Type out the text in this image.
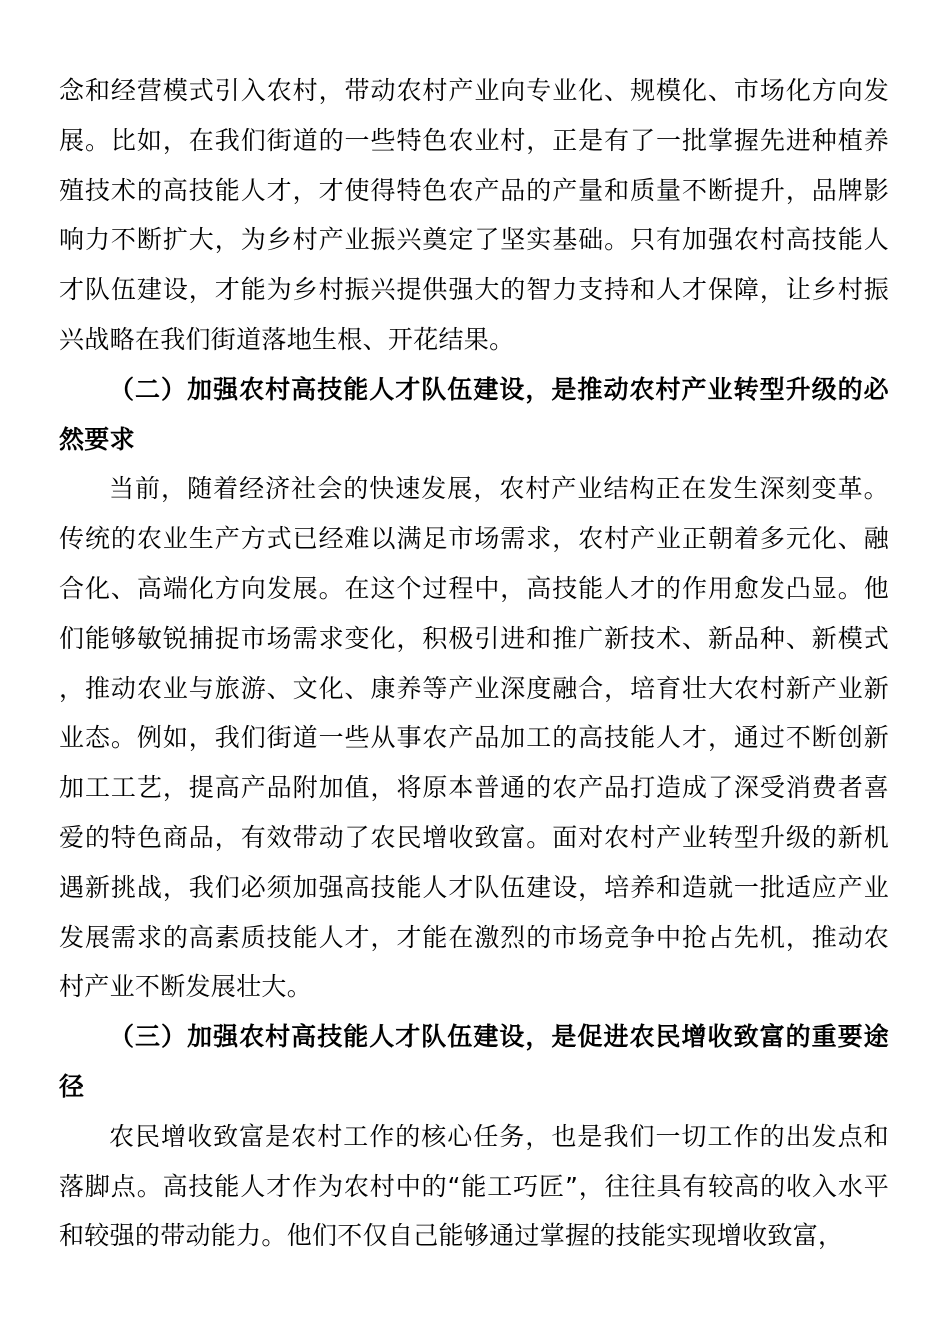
念和经营模式引入农村，带动农村产业向专业化、规模化、市场化方向发展。比如，在我们街道的一些特色农业村，正是有了一批掌握先进种植养殖技术的高技能人才，才使得特色农产品的产量和质量不断提升，品牌影响力不断扩大，为乡村产业振兴奠定了坚实基础。只有加强农村高技能人才队伍建设，才能为乡村振兴提供强大的智力支持和人才保障，让乡村振兴战略在我们街道落地生根、开花结果。

（二）加强农村高技能人才队伍建设，是推动农村产业转型升级的必然要求

当前，随着经济社会的快速发展，农村产业结构正在发生深刻变革。传统的农业生产方式已经难以满足市场需求，农村产业正朝着多元化、融合化、高端化方向发展。在这个过程中，高技能人才的作用愈发凸显。他们能够敏锐捕捉市场需求变化，积极引进和推广新技术、新品种、新模式，推动农业与旅游、文化、康养等产业深度融合，培育壮大农村新产业新业态。例如，我们街道一些从事农产品加工的高技能人才，通过不断创新加工工艺，提高产品附加值，将原本普通的农产品打造成了深受消费者喜爱的特色商品，有效带动了农民增收致富。面对农村产业转型升级的新机遇新挑战，我们必须加强高技能人才队伍建设，培养和造就一批适应产业发展需求的高素质技能人才，才能在激烈的市场竞争中抢占先机，推动农村产业不断发展壮大。

（三）加强农村高技能人才队伍建设，是促进农民增收致富的重要途径

农民增收致富是农村工作的核心任务，也是我们一切工作的出发点和落脚点。高技能人才作为农村中的“能工巧匠”，往往具有较高的收入水平和较强的带动能力。他们不仅自己能够通过掌握的技能实现增收致富，
